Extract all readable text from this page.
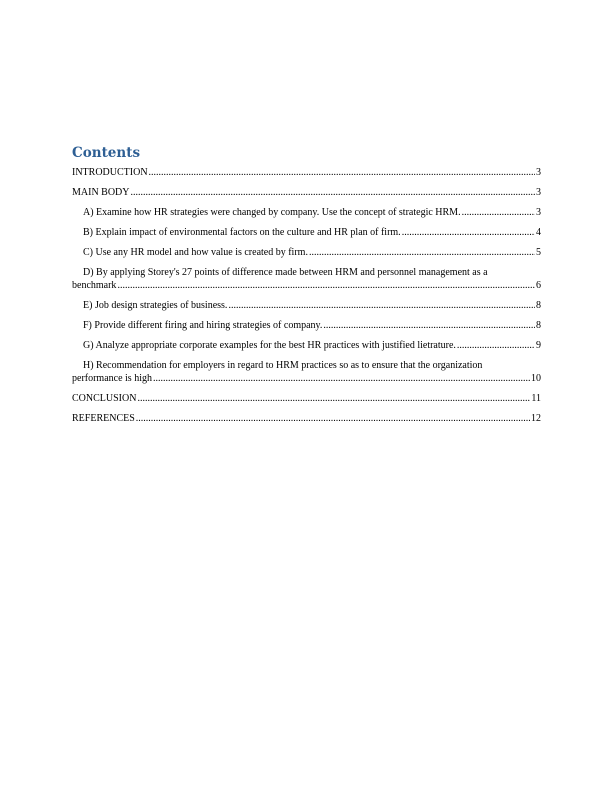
Contents
INTRODUCTION .....	3
MAIN BODY .....	3
A) Examine how HR strategies were changed by company. Use the concept of strategic HRM. .....	3
B) Explain impact of environmental factors on the culture and HR plan of firm. .....	4
C) Use any HR model and how value is created by firm. .....	5
D) By applying Storey's 27 points of difference made between HRM and personnel management as a
benchmark .....	6
E) Job design strategies of business. .....	8
F) Provide different firing and hiring strategies of company. .....	8
G) Analyze appropriate corporate examples for the best HR practices with justified lietrature. .....	9
H) Recommendation for employers in regard to HRM practices so as to ensure that the organization
performance is high .....	10
CONCLUSION .....	11
REFERENCES .....	12
